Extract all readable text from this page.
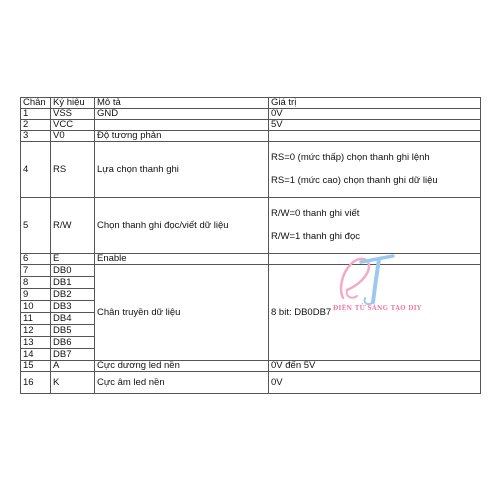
Chân	Ký hiệu	Mô tả	Giá trị
1	VSS	GND	0V
2	VCC		5V
3	V0	Độ tương phản	
4	RS	Lựa chọn thanh ghi	RS=0 (mức thấp) chọn thanh ghi lệnh
RS=1 (mức cao) chọn thanh ghi dữ liệu

5	R/W	Chọn thanh ghi đọc/viết dữ liệu	R/W=0 thanh ghi viết
R/W=1 thanh ghi đọc

6	E	Enable	
7	DB0	Chân truyền dữ liệu	8 bit: DB0DB7
8	DB1		
9	DB2		
10	DB3		
11	DB4		
12	DB5		
13	DB6		
14	DB7		
15	A	Cực dương led nền	0V đến 5V
16	K	Cực âm led nền	0V
ĐIỆN TỬ SÁNG TẠO DIY
